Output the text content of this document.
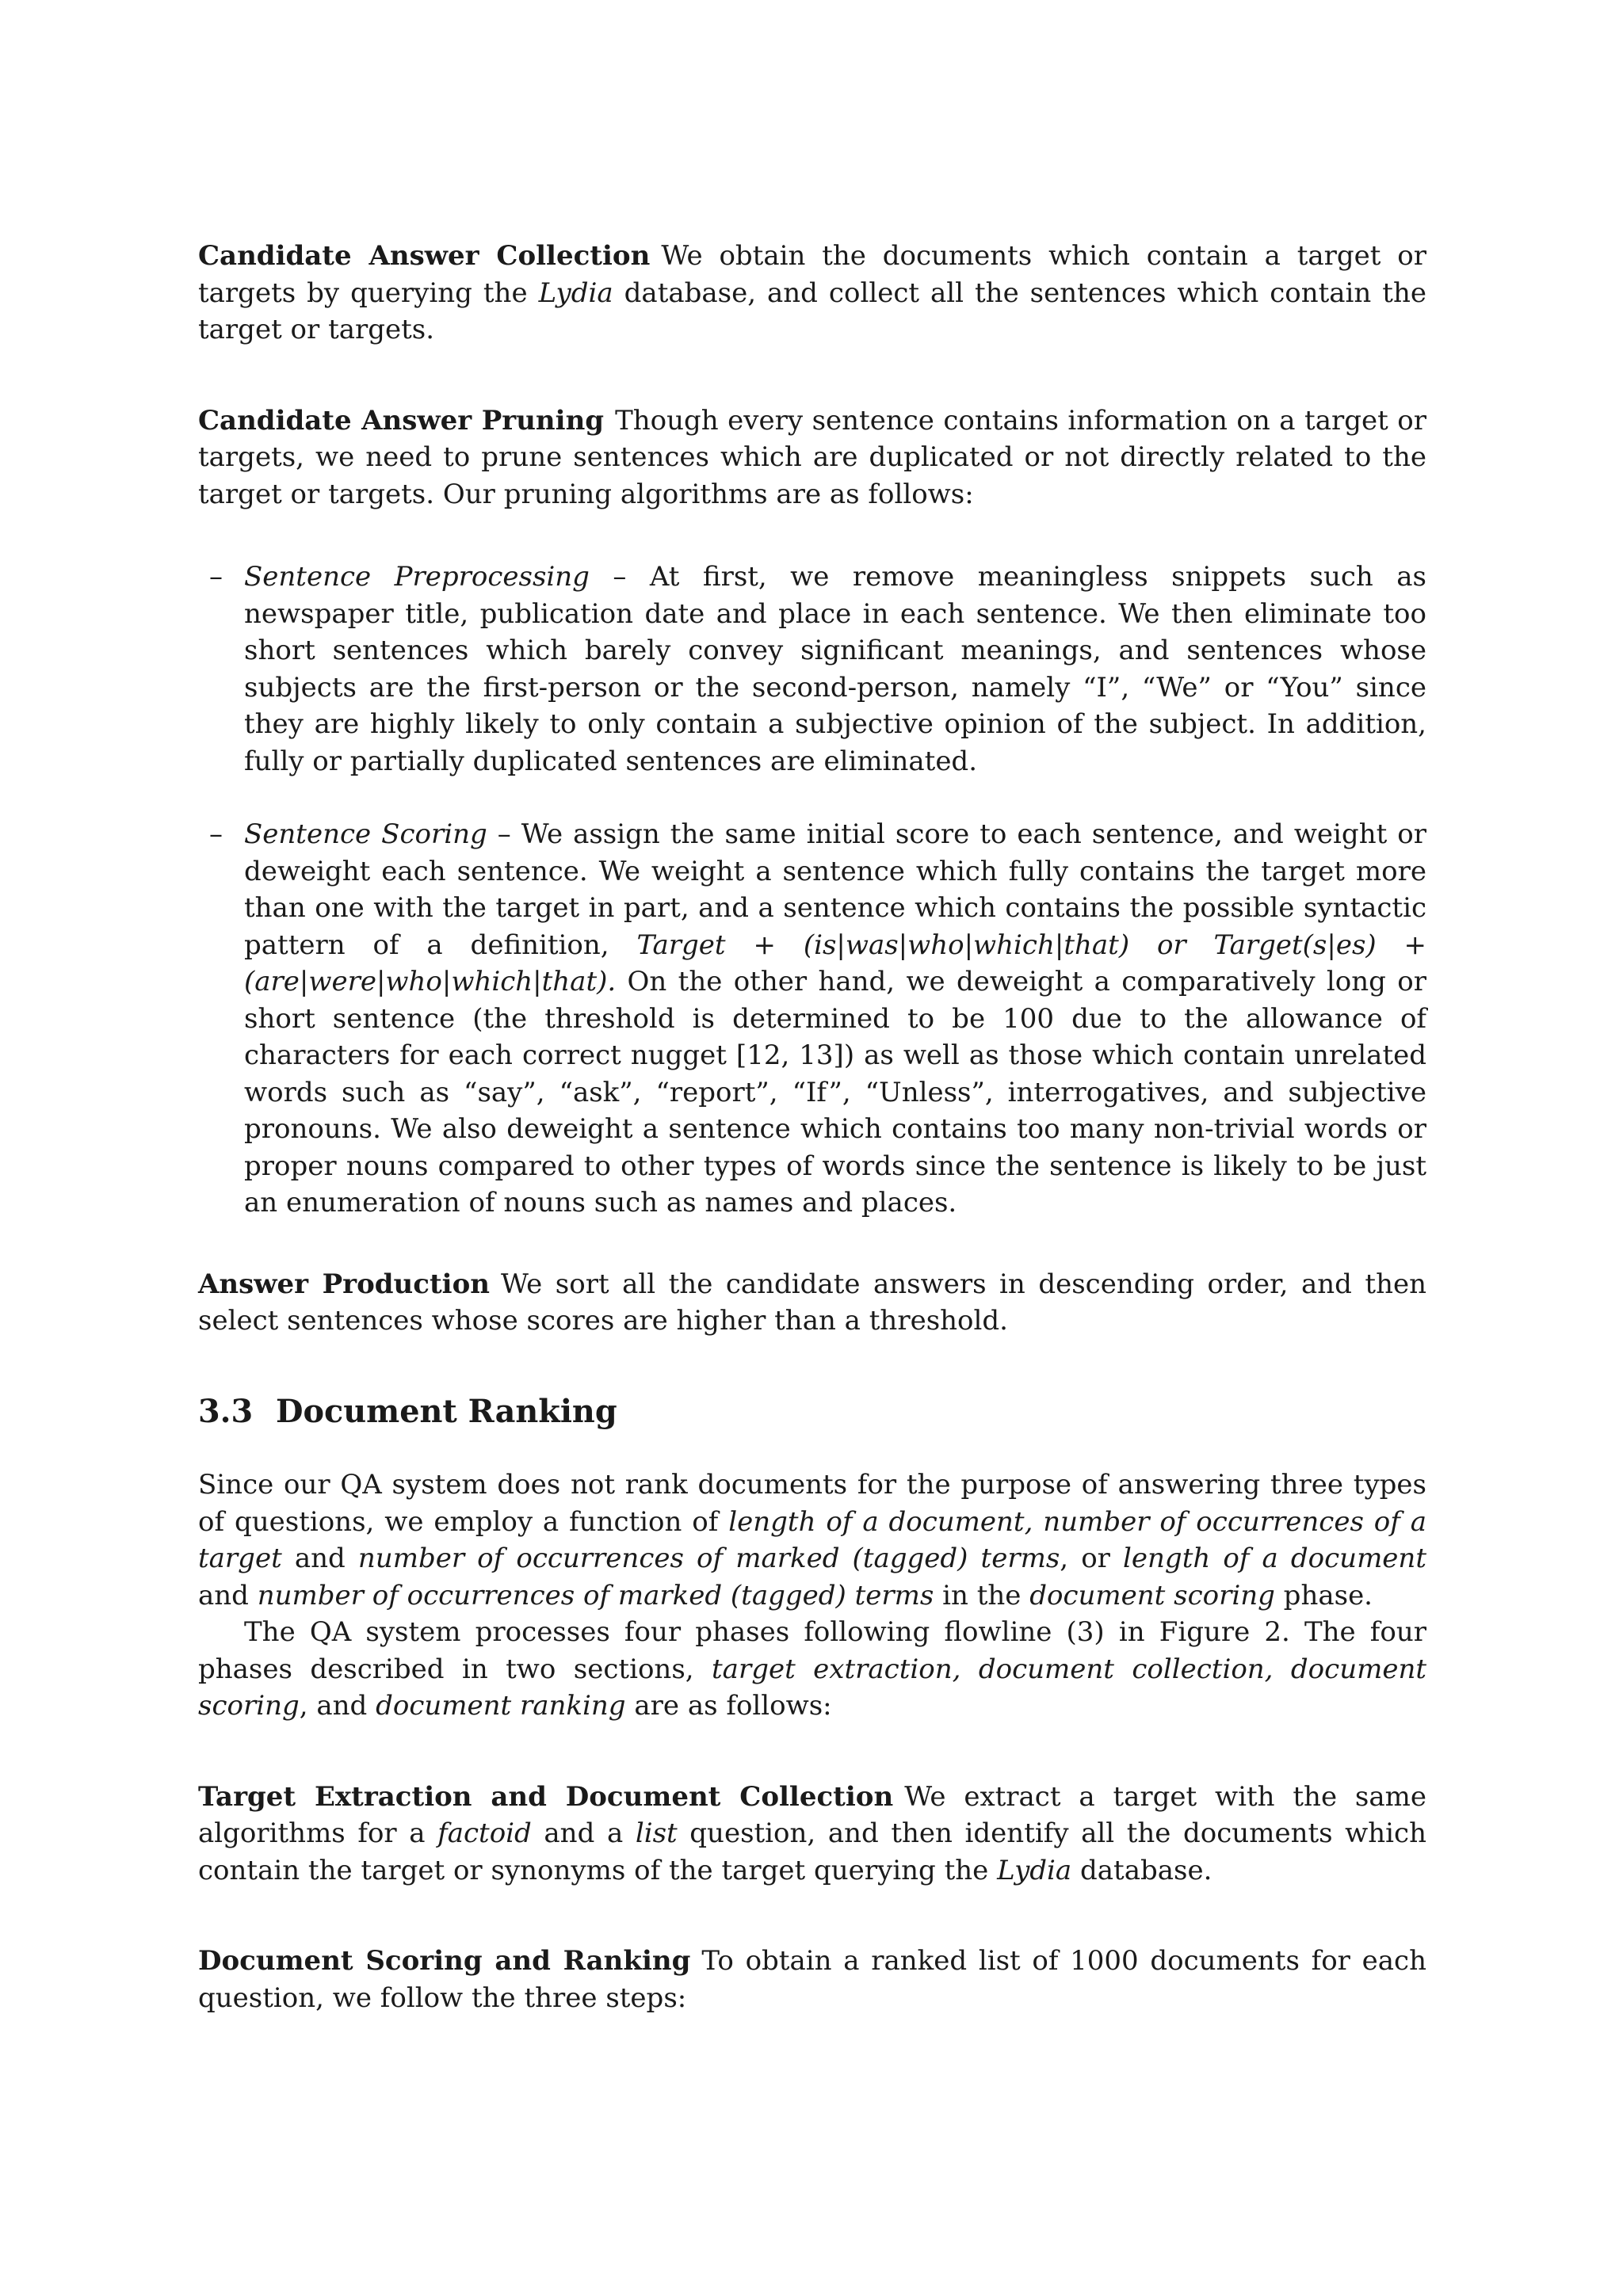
Candidate Answer Collection We obtain the documents which contain a target or targets by querying the Lydia database, and collect all the sentences which contain the target or targets.

Candidate Answer Pruning Though every sentence contains information on a target or targets, we need to prune sentences which are duplicated or not directly related to the target or targets. Our pruning algorithms are as follows:

– Sentence Preprocessing – At first, we remove meaningless snippets such as newspaper title, publication date and place in each sentence. We then eliminate too short sentences which barely convey significant meanings, and sentences whose subjects are the first-person or the second-person, namely “I”, “We” or “You” since they are highly likely to only contain a subjective opinion of the subject. In addition, fully or partially duplicated sentences are eliminated.
– Sentence Scoring – We assign the same initial score to each sentence, and weight or deweight each sentence. We weight a sentence which fully contains the target more than one with the target in part, and a sentence which contains the possible syntactic pattern of a definition, Target + (is|was|who|which|that) or Target(s|es) + (are|were|who|which|that). On the other hand, we deweight a comparatively long or short sentence (the threshold is determined to be 100 due to the allowance of characters for each correct nugget [12, 13]) as well as those which contain unrelated words such as “say”, “ask”, “report”, “If”, “Unless”, interrogatives, and subjective pronouns. We also deweight a sentence which contains too many non-trivial words or proper nouns compared to other types of words since the sentence is likely to be just an enumeration of nouns such as names and places.

Answer Production We sort all the candidate answers in descending order, and then select sentences whose scores are higher than a threshold.

3.3 Document Ranking

Since our QA system does not rank documents for the purpose of answering three types of questions, we employ a function of length of a document, number of occurrences of a target and number of occurrences of marked (tagged) terms, or length of a document and number of occurrences of marked (tagged) terms in the document scoring phase.

The QA system processes four phases following flowline (3) in Figure 2. The four phases described in two sections, target extraction, document collection, document scoring, and document ranking are as follows:

Target Extraction and Document Collection We extract a target with the same algorithms for a factoid and a list question, and then identify all the documents which contain the target or synonyms of the target querying the Lydia database.

Document Scoring and Ranking To obtain a ranked list of 1000 documents for each question, we follow the three steps:
